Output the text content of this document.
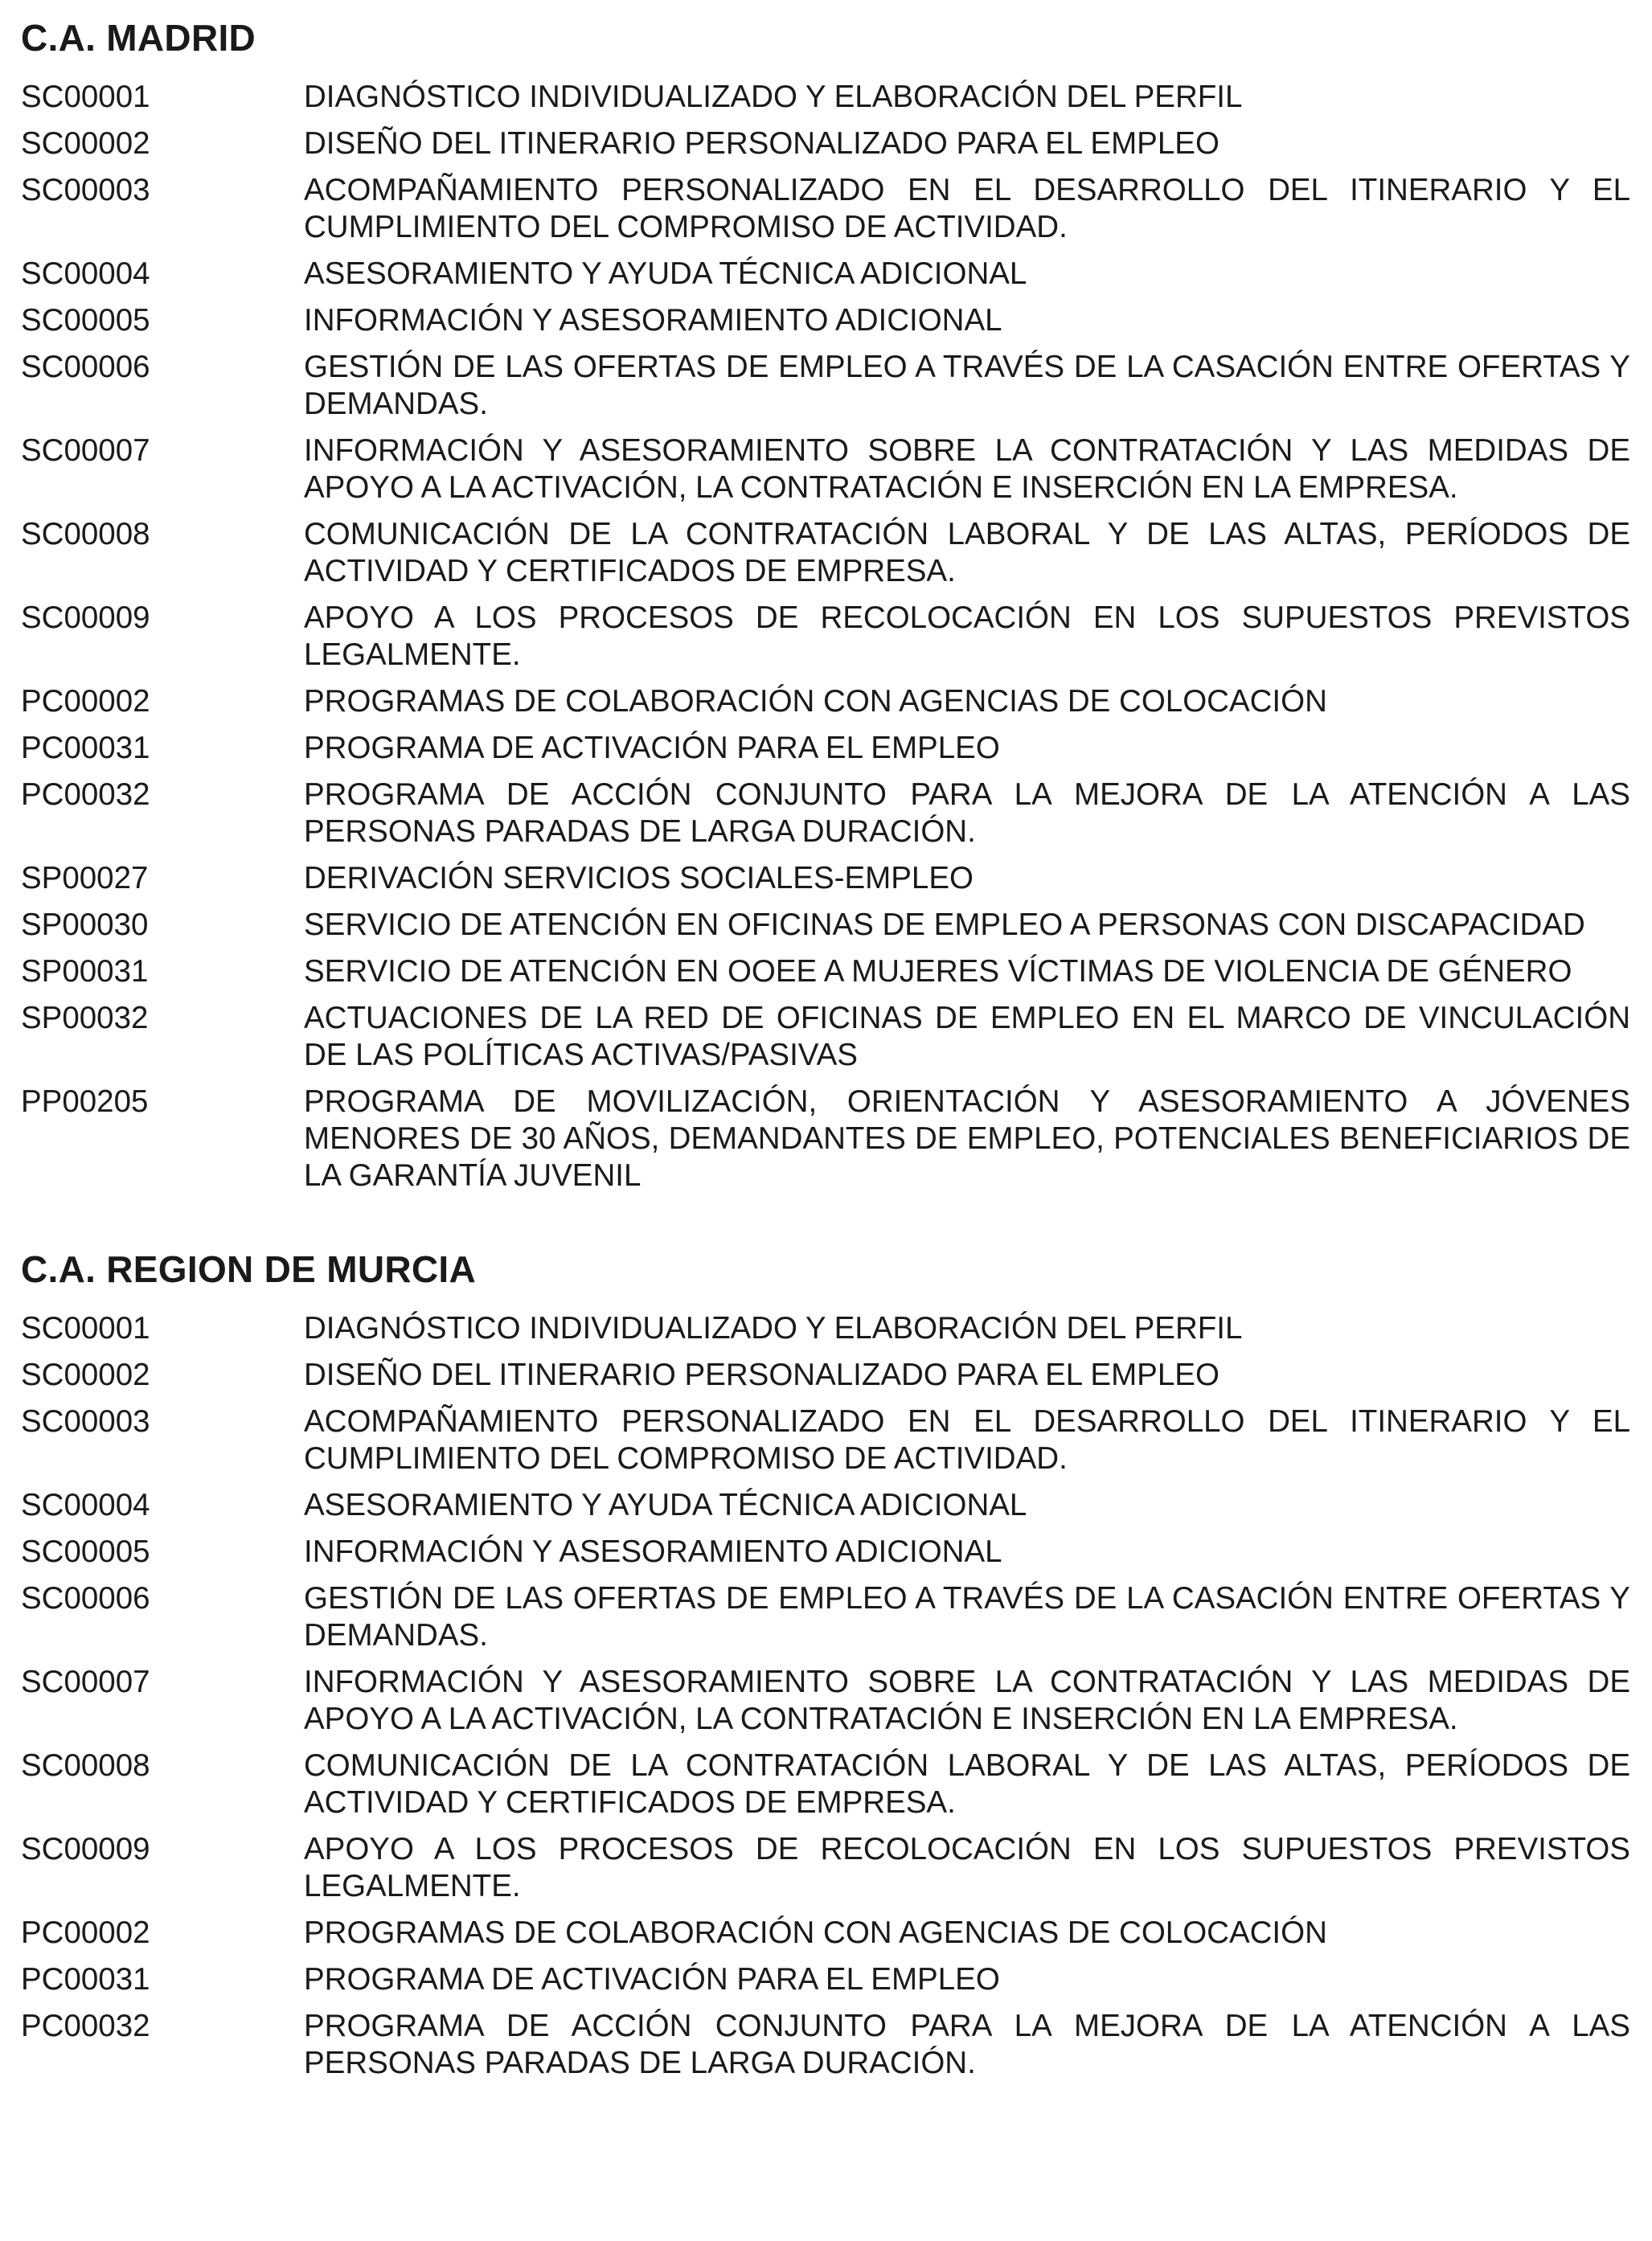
C.A. MADRID
SC00001	DIAGNÓSTICO INDIVIDUALIZADO Y ELABORACIÓN DEL PERFIL
SC00002	DISEÑO DEL ITINERARIO PERSONALIZADO PARA EL EMPLEO
SC00003	ACOMPAÑAMIENTO PERSONALIZADO EN EL DESARROLLO DEL ITINERARIO Y EL CUMPLIMIENTO DEL COMPROMISO DE ACTIVIDAD.
SC00004	ASESORAMIENTO Y AYUDA TÉCNICA ADICIONAL
SC00005	INFORMACIÓN Y ASESORAMIENTO ADICIONAL
SC00006	GESTIÓN DE LAS OFERTAS DE EMPLEO A TRAVÉS DE LA CASACIÓN ENTRE OFERTAS Y DEMANDAS.
SC00007	INFORMACIÓN Y ASESORAMIENTO SOBRE LA CONTRATACIÓN Y LAS MEDIDAS DE APOYO A LA ACTIVACIÓN, LA CONTRATACIÓN E INSERCIÓN EN LA EMPRESA.
SC00008	COMUNICACIÓN DE LA CONTRATACIÓN LABORAL Y DE LAS ALTAS, PERÍODOS DE ACTIVIDAD Y CERTIFICADOS DE EMPRESA.
SC00009	APOYO A LOS PROCESOS DE RECOLOCACIÓN EN LOS SUPUESTOS PREVISTOS LEGALMENTE.
PC00002	PROGRAMAS DE COLABORACIÓN CON AGENCIAS DE COLOCACIÓN
PC00031	PROGRAMA DE ACTIVACIÓN PARA EL EMPLEO
PC00032	PROGRAMA DE ACCIÓN CONJUNTO PARA LA MEJORA DE LA ATENCIÓN A LAS PERSONAS PARADAS DE LARGA DURACIÓN.
SP00027	DERIVACIÓN SERVICIOS SOCIALES-EMPLEO
SP00030	SERVICIO DE ATENCIÓN EN OFICINAS DE EMPLEO A PERSONAS CON DISCAPACIDAD
SP00031	SERVICIO DE ATENCIÓN EN OOEE A MUJERES VÍCTIMAS DE VIOLENCIA DE GÉNERO
SP00032	ACTUACIONES DE LA RED DE OFICINAS DE EMPLEO EN EL MARCO DE VINCULACIÓN DE LAS POLÍTICAS ACTIVAS/PASIVAS
PP00205	PROGRAMA DE MOVILIZACIÓN, ORIENTACIÓN Y ASESORAMIENTO A JÓVENES MENORES DE 30 AÑOS, DEMANDANTES DE EMPLEO, POTENCIALES BENEFICIARIOS DE LA GARANTÍA JUVENIL
C.A. REGION DE MURCIA
SC00001	DIAGNÓSTICO INDIVIDUALIZADO Y ELABORACIÓN DEL PERFIL
SC00002	DISEÑO DEL ITINERARIO PERSONALIZADO PARA EL EMPLEO
SC00003	ACOMPAÑAMIENTO PERSONALIZADO EN EL DESARROLLO DEL ITINERARIO Y EL CUMPLIMIENTO DEL COMPROMISO DE ACTIVIDAD.
SC00004	ASESORAMIENTO Y AYUDA TÉCNICA ADICIONAL
SC00005	INFORMACIÓN Y ASESORAMIENTO ADICIONAL
SC00006	GESTIÓN DE LAS OFERTAS DE EMPLEO A TRAVÉS DE LA CASACIÓN ENTRE OFERTAS Y DEMANDAS.
SC00007	INFORMACIÓN Y ASESORAMIENTO SOBRE LA CONTRATACIÓN Y LAS MEDIDAS DE APOYO A LA ACTIVACIÓN, LA CONTRATACIÓN E INSERCIÓN EN LA EMPRESA.
SC00008	COMUNICACIÓN DE LA CONTRATACIÓN LABORAL Y DE LAS ALTAS, PERÍODOS DE ACTIVIDAD Y CERTIFICADOS DE EMPRESA.
SC00009	APOYO A LOS PROCESOS DE RECOLOCACIÓN EN LOS SUPUESTOS PREVISTOS LEGALMENTE.
PC00002	PROGRAMAS DE COLABORACIÓN CON AGENCIAS DE COLOCACIÓN
PC00031	PROGRAMA DE ACTIVACIÓN PARA EL EMPLEO
PC00032	PROGRAMA DE ACCIÓN CONJUNTO PARA LA MEJORA DE LA ATENCIÓN A LAS PERSONAS PARADAS DE LARGA DURACIÓN.
